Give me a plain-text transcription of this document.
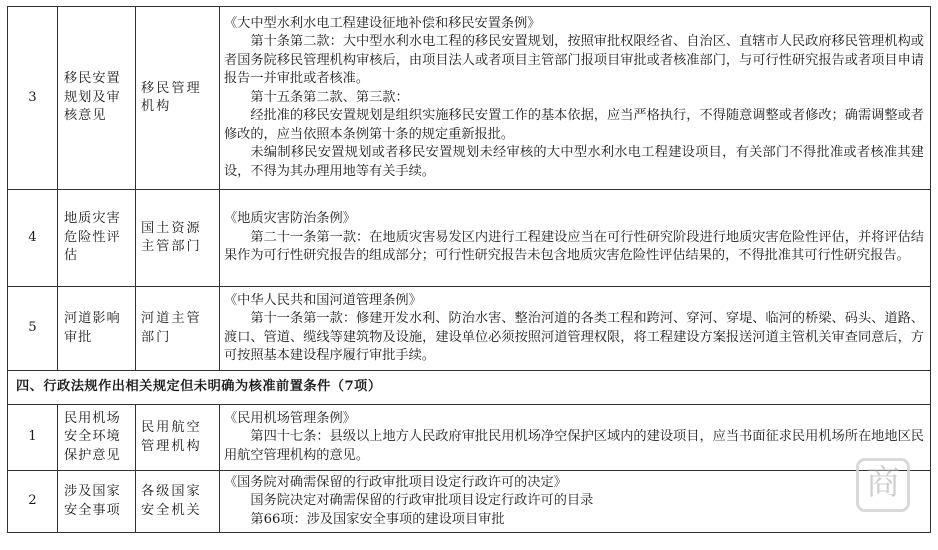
3	移民安置规划及审核意见	移民管理机构	《大中型水利水电工程建设征地补偿和移民安置条例》
第十条第二款：大中型水利水电工程的移民安置规划，按照审批权限经省、自治区、直辖市人民政府移民管理机构或者国务院移民管理机构审核后，由项目法人或者项目主管部门报项目审批或者核准部门，与可行性研究报告或者项目申请报告一并审批或者核准。
第十五条第二款、第三款：
经批准的移民安置规划是组织实施移民安置工作的基本依据，应当严格执行，不得随意调整或者修改；确需调整或者修改的，应当依照本条例第十条的规定重新报批。
未编制移民安置规划或者移民安置规划未经审核的大中型水利水电工程建设项目，有关部门不得批准或者核准其建设，不得为其办理用地等有关手续。

4	地质灾害危险性评估	国土资源主管部门	《地质灾害防治条例》
第二十一条第一款：在地质灾害易发区内进行工程建设应当在可行性研究阶段进行地质灾害危险性评估，并将评估结果作为可行性研究报告的组成部分；可行性研究报告未包含地质灾害危险性评估结果的，不得批准其可行性研究报告。

5	河道影响审批	河道主管部门	《中华人民共和国河道管理条例》
第十一条第一款：修建开发水利、防治水害、整治河道的各类工程和跨河、穿河、穿堤、临河的桥梁、码头、道路、渡口、管道、缆线等建筑物及设施，建设单位必须按照河道管理权限，将工程建设方案报送河道主管机关审查同意后，方可按照基本建设程序履行审批手续。

四、行政法规作出相关规定但未明确为核准前置条件（7项）			
1	民用机场安全环境保护意见	民用航空管理机构	《民用机场管理条例》
第四十七条：县级以上地方人民政府审批民用机场净空保护区域内的建设项目，应当书面征求民用机场所在地地区民用航空管理机构的意见。

2	涉及国家安全事项	各级国家安全机关	《国务院对确需保留的行政审批项目设定行政许可的决定》
国务院决定对确需保留的行政审批项目设定行政许可的目录
第66项：涉及国家安全事项的建设项目审批
商
